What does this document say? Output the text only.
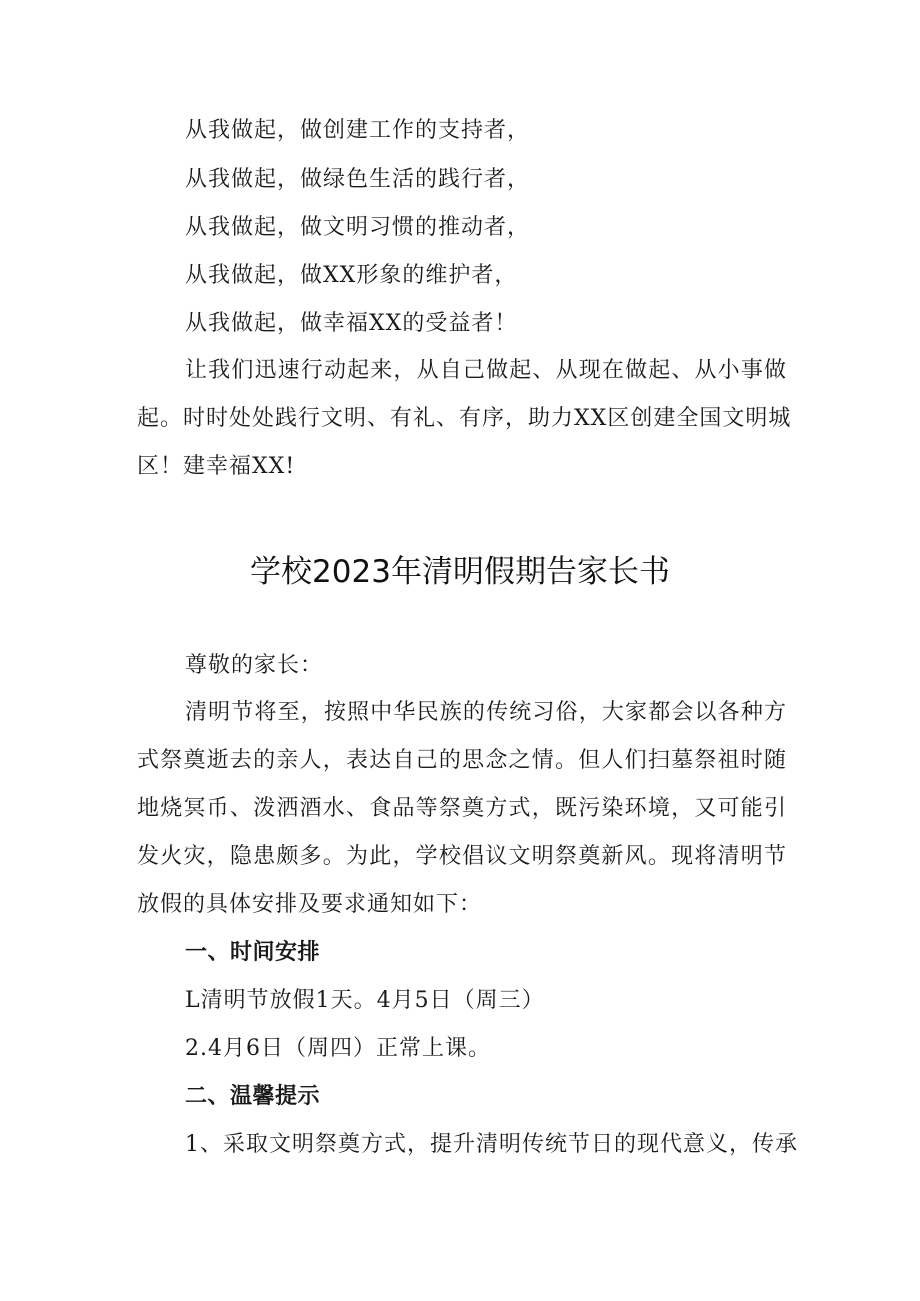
从我做起，做创建工作的支持者，
从我做起，做绿色生活的践行者，
从我做起，做文明习惯的推动者，
从我做起，做XX形象的维护者，
从我做起，做幸福XX的受益者！
让我们迅速行动起来，从自己做起、从现在做起、从小事做
起。时时处处践行文明、有礼、有序，助力XX区创建全国文明城
区！建幸福XX!
学校2023年清明假期告家长书
尊敬的家长：
清明节将至，按照中华民族的传统习俗，大家都会以各种方
式祭奠逝去的亲人，表达自己的思念之情。但人们扫墓祭祖时随
地烧冥币、泼洒酒水、食品等祭奠方式，既污染环境，又可能引
发火灾，隐患颇多。为此，学校倡议文明祭奠新风。现将清明节
放假的具体安排及要求通知如下：
一、时间安排
L清明节放假1天。4月5日（周三）
2.4月6日（周四）正常上课。
二、温馨提示
1、采取文明祭奠方式，提升清明传统节日的现代意义，传承
